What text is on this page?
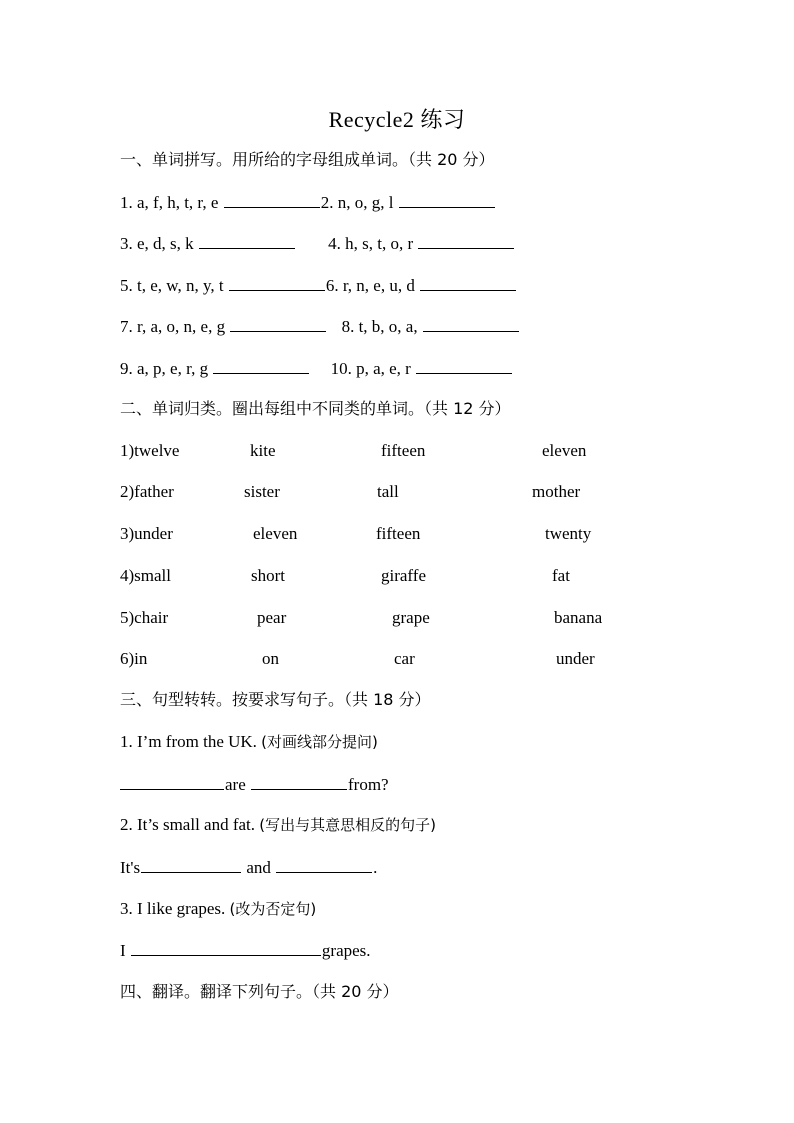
Recycle2 练习
一、单词拼写。用所给的字母组成单词。（共 20 分）
1. a, f, h, t, r, e	2. n, o, g, l
3. e, d, s, k	4. h, s, t, o, r
5. t, e, w, n, y, t	6. r, n, e, u, d
7. r, a, o, n, e, g	8. t, b, o, a,
9. a, p, e, r, g	10. p, a, e, r
二、单词归类。圈出每组中不同类的单词。（共 12 分）
1)twelve	kite	fifteen	eleven
2)father	sister	tall	mother
3)under	eleven	fifteen	twenty
4)small	short	giraffe	fat
5)chair	pear	grape	banana
6)in	on	car	under
三、句型转转。按要求写句子。（共 18 分）
1. I’m from the UK. (对画线部分提问)
are	from?
2. It’s small and fat. (写出与其意思相反的句子)
It's	and	.
3. I like grapes. (改为否定句)
I	grapes.
四、翻译。翻译下列句子。（共 20 分）
